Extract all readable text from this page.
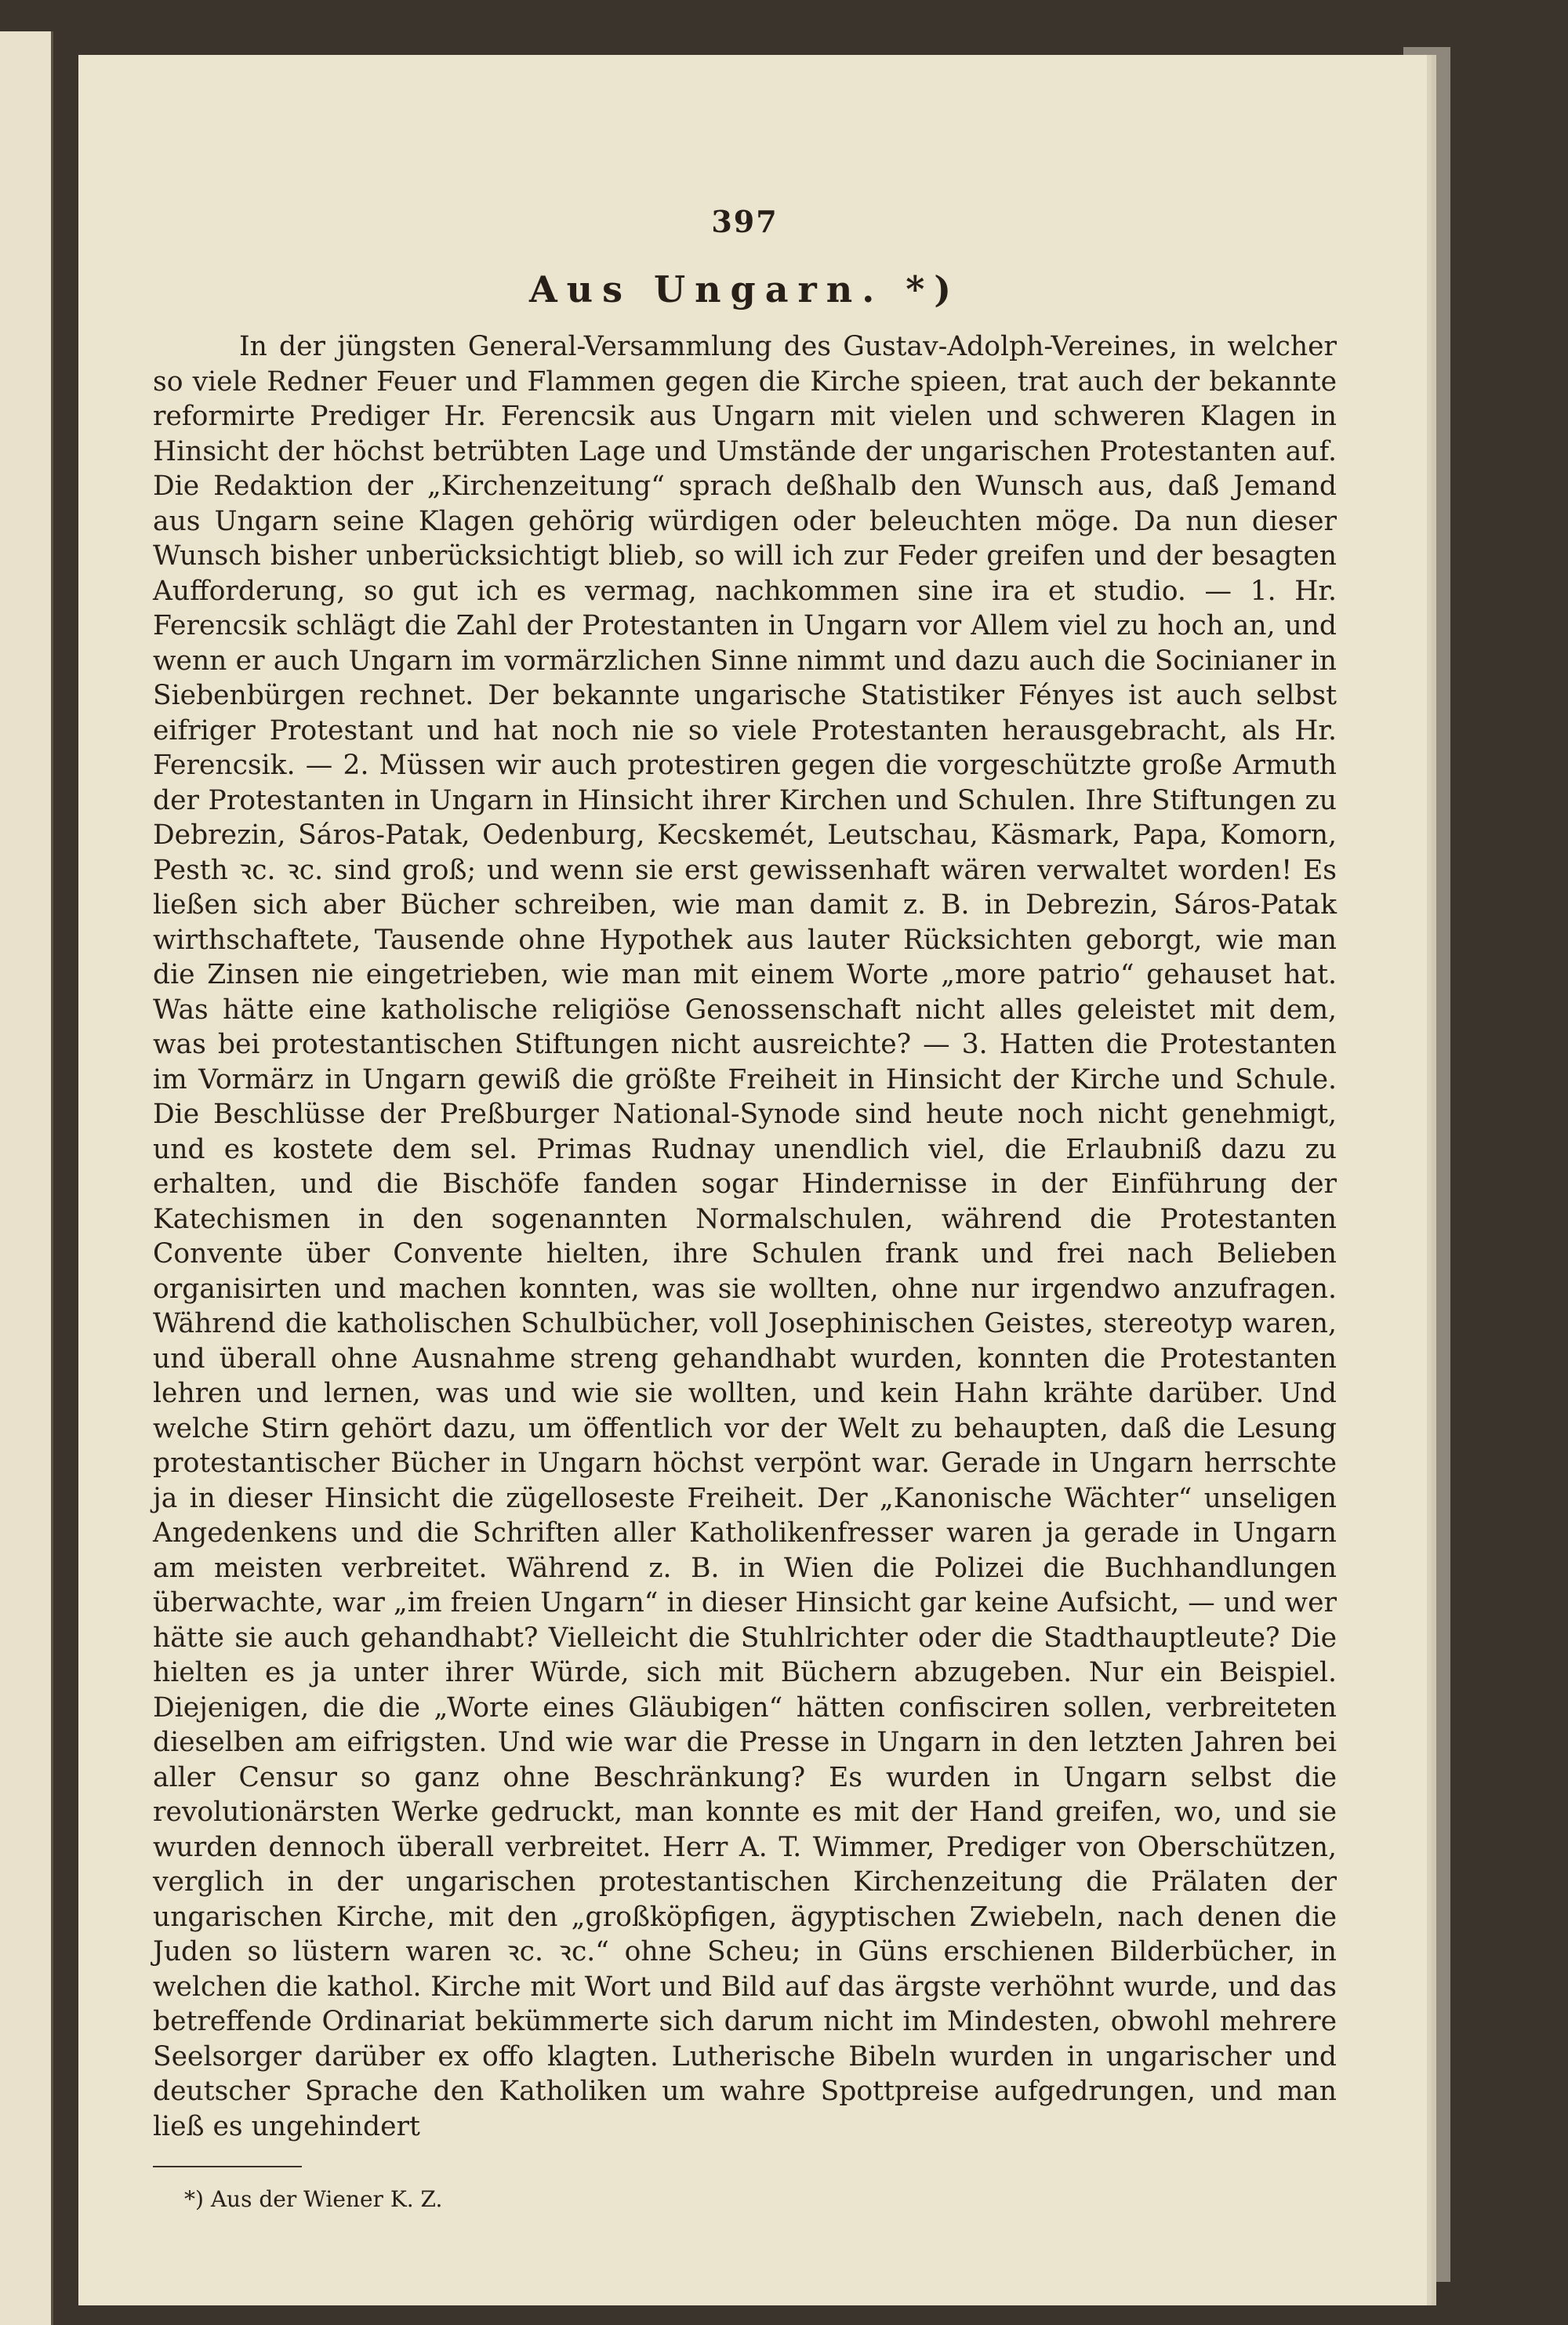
397
Aus Ungarn. *)

In der jüngsten General-Versammlung des Gustav-Adolph-Vereines, in welcher so viele Redner Feuer und Flammen gegen die Kirche spieen, trat auch der bekannte reformirte Prediger Hr. Ferencsik aus Ungarn mit vielen und schweren Klagen in Hinsicht der höchst betrübten Lage und Umstände der ungarischen Protestanten auf. Die Redaktion der „Kirchenzeitung“ sprach deßhalb den Wunsch aus, daß Jemand aus Ungarn seine Klagen gehörig würdigen oder beleuchten möge. Da nun dieser Wunsch bisher unberücksichtigt blieb, so will ich zur Feder greifen und der besagten Aufforderung, so gut ich es vermag, nachkommen sine ira et studio. — 1. Hr. Ferencsik schlägt die Zahl der Protestanten in Ungarn vor Allem viel zu hoch an, und wenn er auch Ungarn im vormärzlichen Sinne nimmt und dazu auch die Socinianer in Siebenbürgen rechnet. Der bekannte ungarische Statistiker Fényes ist auch selbst eifriger Protestant und hat noch nie so viele Protestanten herausgebracht, als Hr. Ferencsik. — 2. Müssen wir auch protestiren gegen die vorgeschützte große Armuth der Protestanten in Ungarn in Hinsicht ihrer Kirchen und Schulen. Ihre Stiftungen zu Debrezin, Sáros-Patak, Oedenburg, Kecskemét, Leutschau, Käsmark, Papa, Komorn, Pesth ꝛc. ꝛc. sind groß; und wenn sie erst gewissenhaft wären verwaltet worden! Es ließen sich aber Bücher schreiben, wie man damit z. B. in Debrezin, Sáros-Patak wirthschaftete, Tausende ohne Hypothek aus lauter Rücksichten geborgt, wie man die Zinsen nie eingetrieben, wie man mit einem Worte „more patrio“ gehauset hat. Was hätte eine katholische religiöse Genossenschaft nicht alles geleistet mit dem, was bei protestantischen Stiftungen nicht ausreichte? — 3. Hatten die Protestanten im Vormärz in Ungarn gewiß die größte Freiheit in Hinsicht der Kirche und Schule. Die Beschlüsse der Preßburger National-Synode sind heute noch nicht genehmigt, und es kostete dem sel. Primas Rudnay unendlich viel, die Erlaubniß dazu zu erhalten, und die Bischöfe fanden sogar Hindernisse in der Einführung der Katechismen in den sogenannten Normalschulen, während die Protestanten Convente über Convente hielten, ihre Schulen frank und frei nach Belieben organisirten und machen konnten, was sie wollten, ohne nur irgendwo anzufragen. Während die katholischen Schulbücher, voll Josephinischen Geistes, stereotyp waren, und überall ohne Ausnahme streng gehandhabt wurden, konnten die Protestanten lehren und lernen, was und wie sie wollten, und kein Hahn krähte darüber. Und welche Stirn gehört dazu, um öffentlich vor der Welt zu behaupten, daß die Lesung protestantischer Bücher in Ungarn höchst verpönt war. Gerade in Ungarn herrschte ja in dieser Hinsicht die zügelloseste Freiheit. Der „Kanonische Wächter“ unseligen Angedenkens und die Schriften aller Katholikenfresser waren ja gerade in Ungarn am meisten verbreitet. Während z. B. in Wien die Polizei die Buchhandlungen überwachte, war „im freien Ungarn“ in dieser Hinsicht gar keine Aufsicht, — und wer hätte sie auch gehandhabt? Vielleicht die Stuhlrichter oder die Stadthauptleute? Die hielten es ja unter ihrer Würde, sich mit Büchern abzugeben. Nur ein Beispiel. Diejenigen, die die „Worte eines Gläubigen“ hätten confisciren sollen, verbreiteten dieselben am eifrigsten. Und wie war die Presse in Ungarn in den letzten Jahren bei aller Censur so ganz ohne Beschränkung? Es wurden in Ungarn selbst die revolutionärsten Werke gedruckt, man konnte es mit der Hand greifen, wo, und sie wurden dennoch überall verbreitet. Herr A. T. Wimmer, Prediger von Oberschützen, verglich in der ungarischen protestantischen Kirchenzeitung die Prälaten der ungarischen Kirche, mit den „großköpfigen, ägyptischen Zwiebeln, nach denen die Juden so lüstern waren ꝛc. ꝛc.“ ohne Scheu; in Güns erschienen Bilderbücher, in welchen die kathol. Kirche mit Wort und Bild auf das ärgste verhöhnt wurde, und das betreffende Ordinariat bekümmerte sich darum nicht im Mindesten, obwohl mehrere Seelsorger darüber ex offo klagten. Lutherische Bibeln wurden in ungarischer und deutscher Sprache den Katholiken um wahre Spottpreise aufgedrungen, und man ließ es ungehindert

*) Aus der Wiener K. Z.
